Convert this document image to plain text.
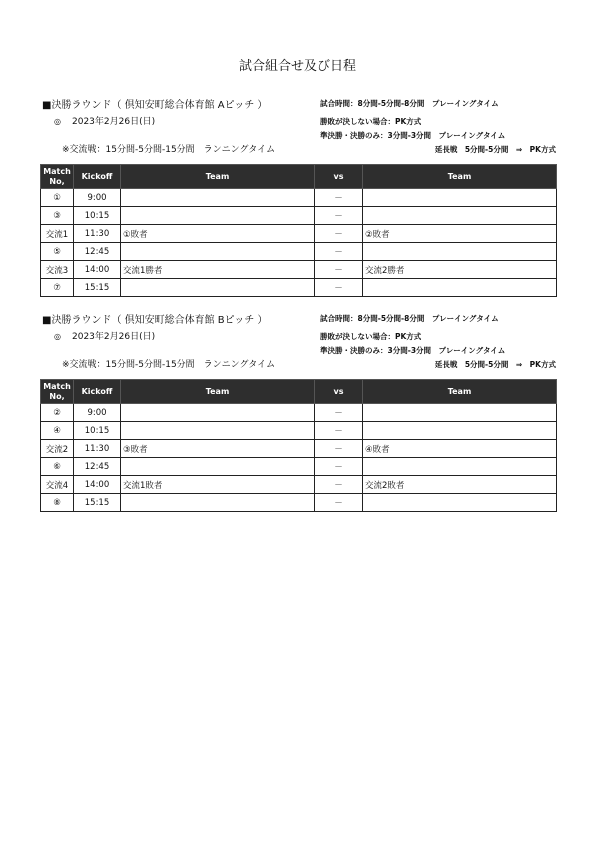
試合組合せ及び日程
■決勝ラウンド（ 倶知安町総合体育館 Aピッチ ）
◎ 2023年2月26日(日)
※交流戦：15分間-5分間-15分間　ランニングタイム
試合時間：8分間-5分間-8分間　プレーイングタイム
勝敗が決しない場合：PK方式
準決勝・決勝のみ：3分間-3分間　プレーイングタイム
延長戦　5分間-5分間　⇒　PK方式
Match No,	Kickoff	Team	vs	Team
①	9:00		－	
③	10:15		－	
交流1	11:30	①敗者	－	②敗者
⑤	12:45		－	
交流3	14:00	交流1勝者	－	交流2勝者
⑦	15:15		－	
■決勝ラウンド（ 倶知安町総合体育館 Bピッチ ）
◎ 2023年2月26日(日)
※交流戦：15分間-5分間-15分間　ランニングタイム
試合時間：8分間-5分間-8分間　プレーイングタイム
勝敗が決しない場合：PK方式
準決勝・決勝のみ：3分間-3分間　プレーイングタイム
延長戦　5分間-5分間　⇒　PK方式
Match No,	Kickoff	Team	vs	Team
②	9:00		－	
④	10:15		－	
交流2	11:30	③敗者	－	④敗者
⑥	12:45		－	
交流4	14:00	交流1敗者	－	交流2敗者
⑧	15:15		－	
